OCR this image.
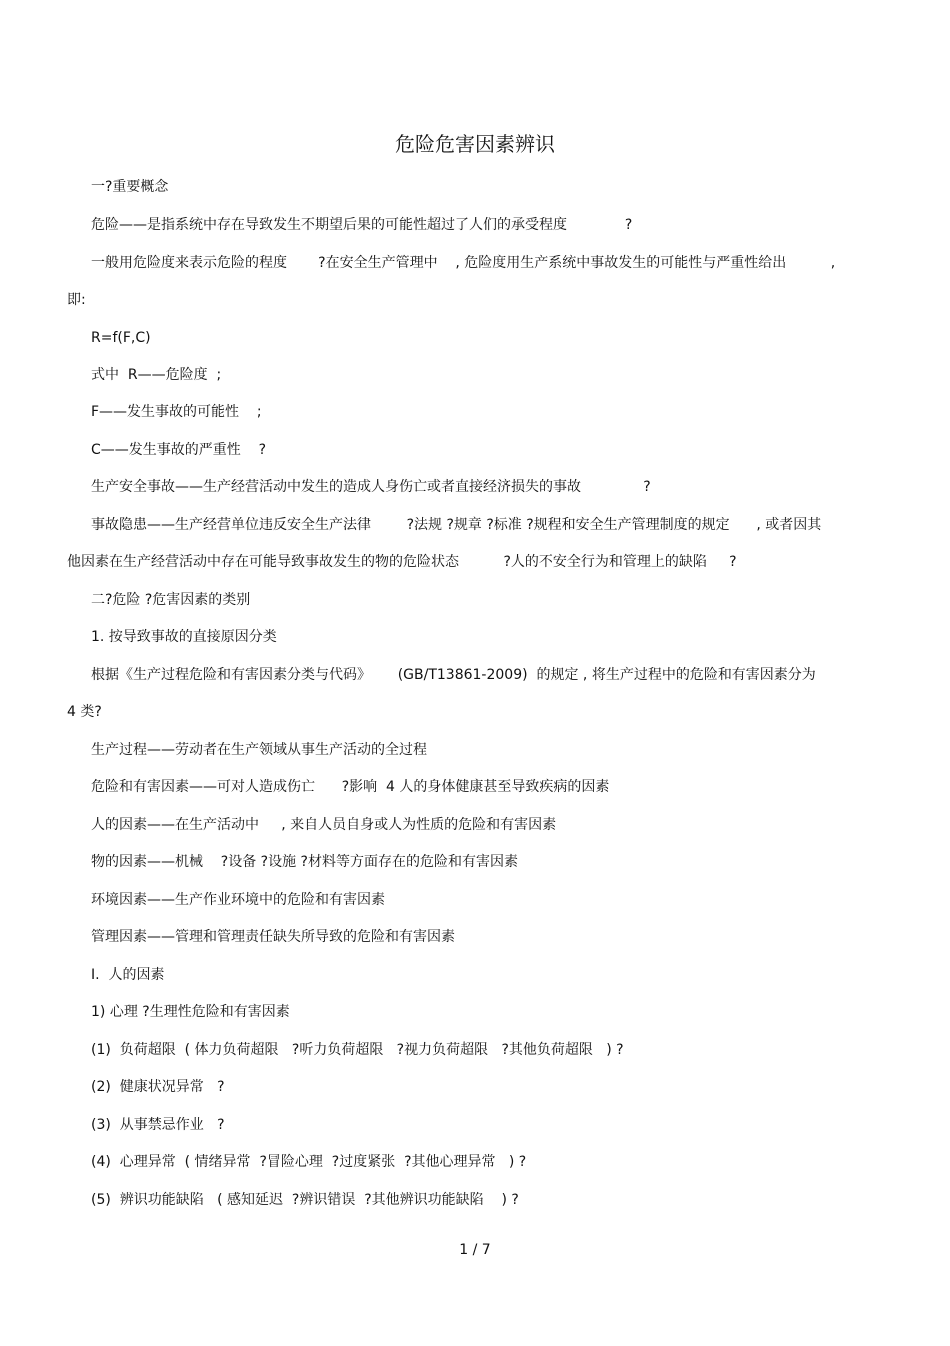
危险危害因素辨识
一?重要概念
危险——是指系统中存在导致发生不期望后果的可能性超过了人们的承受程度             ?
一般用危险度来表示危险的程度       ?在安全生产管理中    , 危险度用生产系统中事故发生的可能性与严重性给出          ,
即:
R=f(F,C)
式中  R——危险度  ;
F——发生事故的可能性    ;
C——发生事故的严重性    ?
生产安全事故——生产经营活动中发生的造成人身伤亡或者直接经济损失的事故              ?
事故隐患——生产经营单位违反安全生产法律        ?法规 ?规章 ?标准 ?规程和安全生产管理制度的规定      , 或者因其
他因素在生产经营活动中存在可能导致事故发生的物的危险状态          ?人的不安全行为和管理上的缺陷     ?
二?危险 ?危害因素的类别
1. 按导致事故的直接原因分类
根据《生产过程危险和有害因素分类与代码》      (GB/T13861-2009)  的规定 , 将生产过程中的危险和有害因素分为
4 类?
生产过程——劳动者在生产领域从事生产活动的全过程
危险和有害因素——可对人造成伤亡      ?影响  4 人的身体健康甚至导致疾病的因素
人的因素——在生产活动中     , 来自人员自身或人为性质的危险和有害因素
物的因素——机械    ?设备 ?设施 ?材料等方面存在的危险和有害因素
环境因素——生产作业环境中的危险和有害因素
管理因素——管理和管理责任缺失所导致的危险和有害因素
I.  人的因素
1) 心理 ?生理性危险和有害因素
(1)  负荷超限  ( 体力负荷超限   ?听力负荷超限   ?视力负荷超限   ?其他负荷超限   ) ?
(2)  健康状况异常   ?
(3)  从事禁忌作业   ?
(4)  心理异常  ( 情绪异常  ?冒险心理  ?过度紧张  ?其他心理异常   ) ?
(5)  辨识功能缺陷   ( 感知延迟  ?辨识错误  ?其他辨识功能缺陷    ) ?
1 / 7
